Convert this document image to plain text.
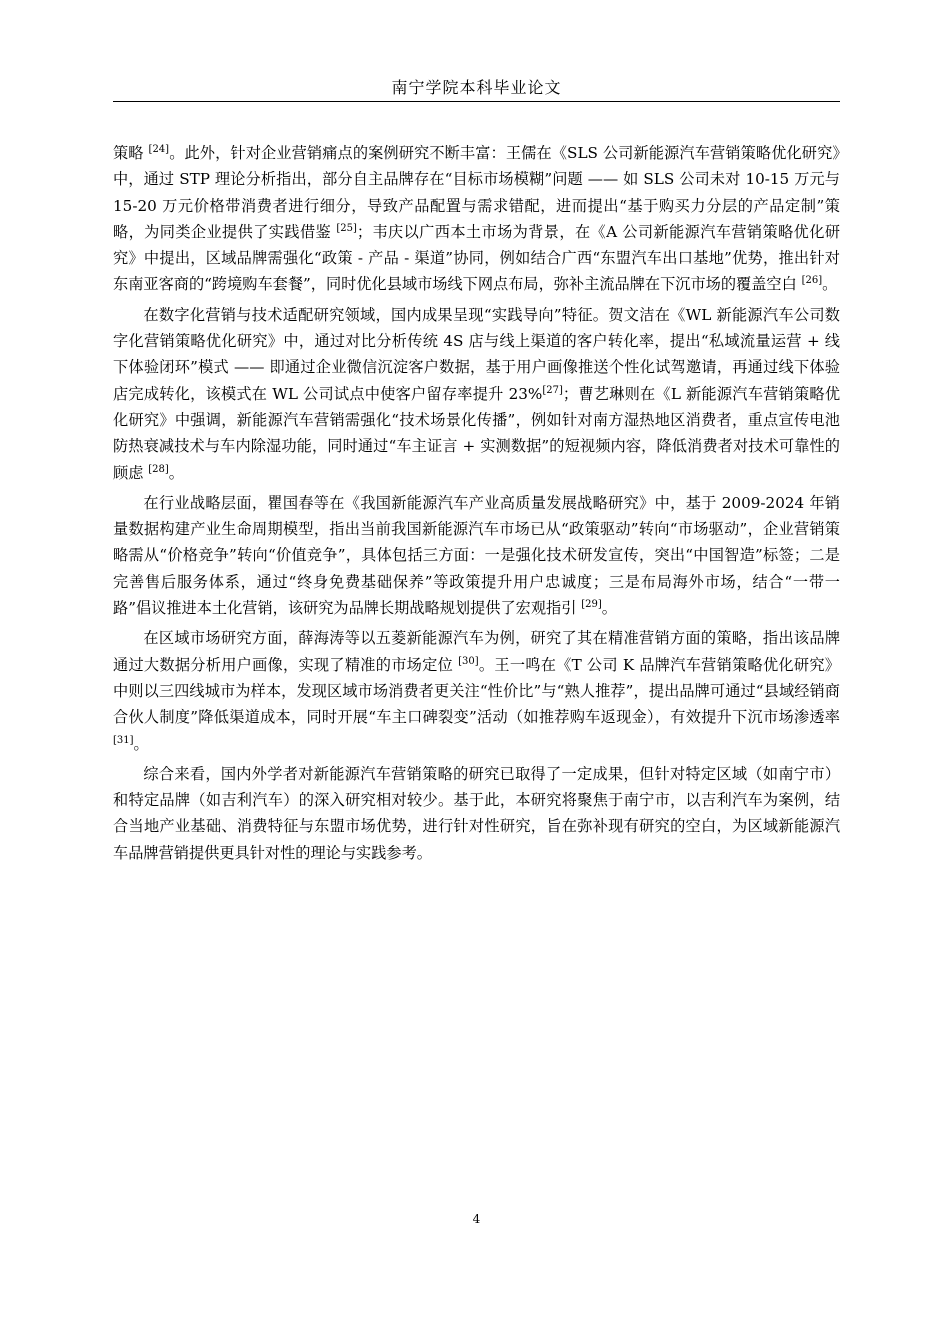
南宁学院本科毕业论文

策略 [24]。此外，针对企业营销痛点的案例研究不断丰富：王儒在《SLS 公司新能源汽车营销策略优化研究》中，通过 STP 理论分析指出，部分自主品牌存在“目标市场模糊”问题 —— 如 SLS 公司未对 10-15 万元与 15-20 万元价格带消费者进行细分，导致产品配置与需求错配，进而提出“基于购买力分层的产品定制”策略，为同类企业提供了实践借鉴 [25]；韦庆以广西本土市场为背景，在《A 公司新能源汽车营销策略优化研究》中提出，区域品牌需强化“政策 - 产品 - 渠道”协同，例如结合广西“东盟汽车出口基地”优势，推出针对东南亚客商的“跨境购车套餐”，同时优化县域市场线下网点布局，弥补主流品牌在下沉市场的覆盖空白 [26]。

在数字化营销与技术适配研究领域，国内成果呈现“实践导向”特征。贺文洁在《WL 新能源汽车公司数字化营销策略优化研究》中，通过对比分析传统 4S 店与线上渠道的客户转化率，提出“私域流量运营 + 线下体验闭环”模式 —— 即通过企业微信沉淀客户数据，基于用户画像推送个性化试驾邀请，再通过线下体验店完成转化，该模式在 WL 公司试点中使客户留存率提升 23%[27]；曹艺琳则在《L 新能源汽车营销策略优化研究》中强调，新能源汽车营销需强化“技术场景化传播”，例如针对南方湿热地区消费者，重点宣传电池防热衰减技术与车内除湿功能，同时通过“车主证言 + 实测数据”的短视频内容，降低消费者对技术可靠性的顾虑 [28]。

在行业战略层面，瞿国春等在《我国新能源汽车产业高质量发展战略研究》中，基于 2009-2024 年销量数据构建产业生命周期模型，指出当前我国新能源汽车市场已从“政策驱动”转向“市场驱动”，企业营销策略需从“价格竞争”转向“价值竞争”，具体包括三方面：一是强化技术研发宣传，突出“中国智造”标签；二是完善售后服务体系，通过“终身免费基础保养”等政策提升用户忠诚度；三是布局海外市场，结合“一带一路”倡议推进本土化营销，该研究为品牌长期战略规划提供了宏观指引 [29]。

在区域市场研究方面，薛海涛等以五菱新能源汽车为例，研究了其在精准营销方面的策略，指出该品牌通过大数据分析用户画像，实现了精准的市场定位 [30]。王一鸣在《T 公司 K 品牌汽车营销策略优化研究》中则以三四线城市为样本，发现区域市场消费者更关注“性价比”与“熟人推荐”，提出品牌可通过“县域经销商合伙人制度”降低渠道成本，同时开展“车主口碑裂变”活动（如推荐购车返现金），有效提升下沉市场渗透率[31]。

综合来看，国内外学者对新能源汽车营销策略的研究已取得了一定成果，但针对特定区域（如南宁市）和特定品牌（如吉利汽车）的深入研究相对较少。基于此，本研究将聚焦于南宁市，以吉利汽车为案例，结合当地产业基础、消费特征与东盟市场优势，进行针对性研究，旨在弥补现有研究的空白，为区域新能源汽车品牌营销提供更具针对性的理论与实践参考。

4
